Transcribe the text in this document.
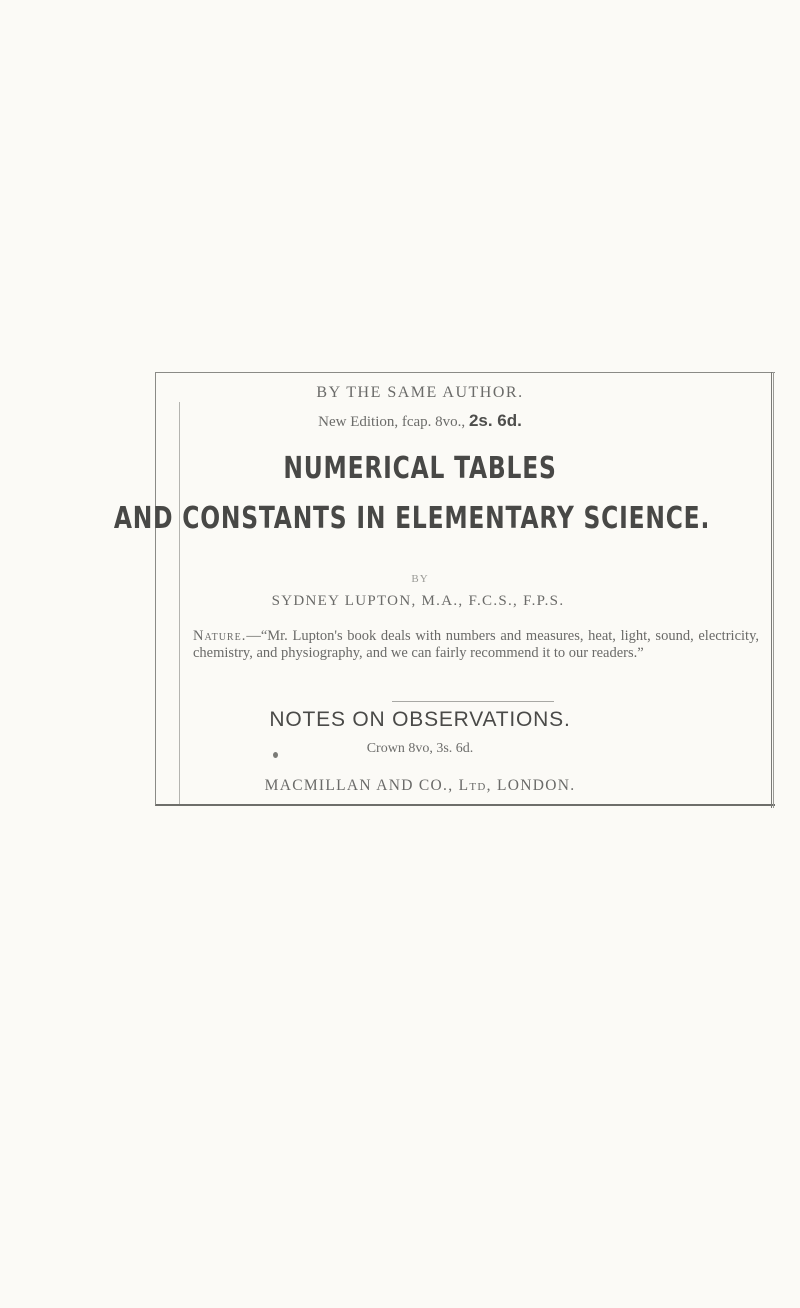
BY THE SAME AUTHOR.
New Edition, fcap. 8vo., 2s. 6d.
NUMERICAL TABLES
AND CONSTANTS IN ELEMENTARY SCIENCE.
BY
SYDNEY LUPTON, M.A., F.C.S., F.P.S.
Nature.—“Mr. Lupton's book deals with numbers and measures, heat, light, sound, electricity, chemistry, and physiography, and we can fairly recommend it to our readers.”
NOTES ON OBSERVATIONS.
Crown 8vo, 3s. 6d.
MACMILLAN AND CO., Ltd, LONDON.
